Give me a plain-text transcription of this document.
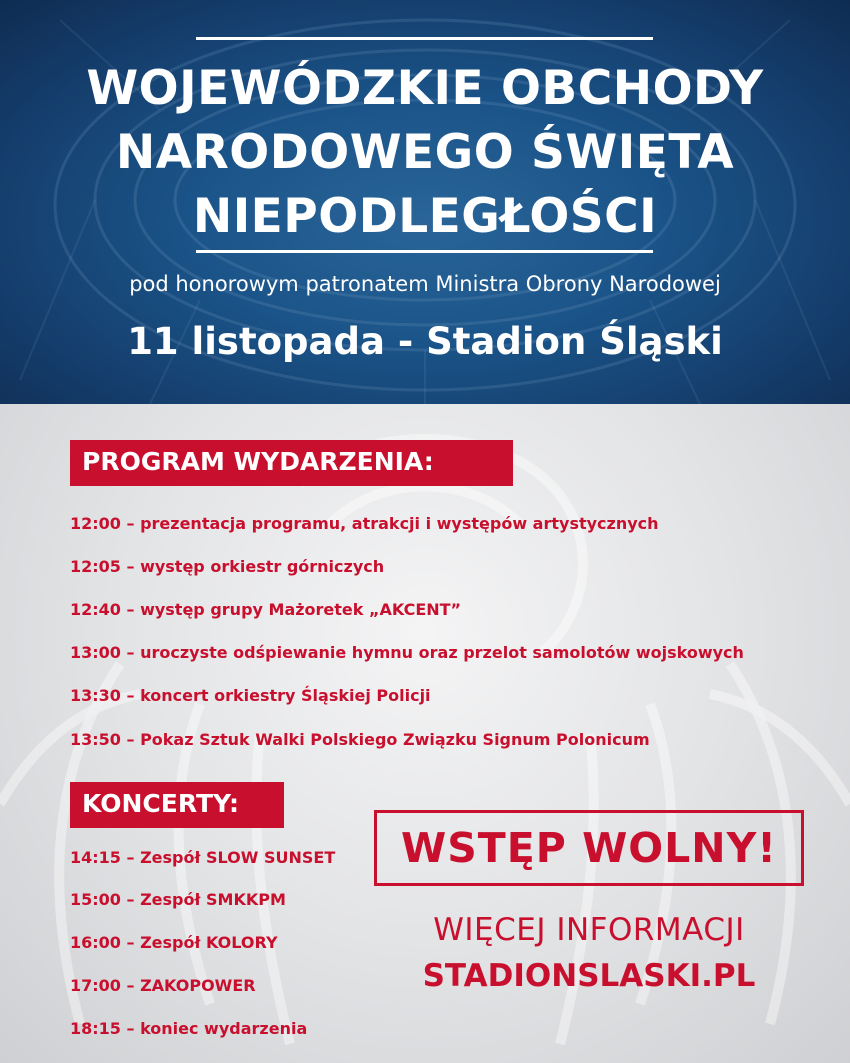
WOJEWÓDZKIE OBCHODY
NARODOWEGO ŚWIĘTA
NIEPODLEGŁOŚCI
pod honorowym patronatem Ministra Obrony Narodowej
11 listopada - Stadion Śląski
PROGRAM WYDARZENIA:
12:00 – prezentacja programu, atrakcji i występów artystycznych
12:05 – występ orkiestr górniczych
12:40 – występ grupy Mażoretek „AKCENT”
13:00 – uroczyste odśpiewanie hymnu oraz przelot samolotów wojskowych
13:30 – koncert orkiestry Śląskiej Policji
13:50 – Pokaz Sztuk Walki Polskiego Związku Signum Polonicum
KONCERTY:
14:15 – Zespół SLOW SUNSET
15:00 – Zespół SMKKPM
16:00 – Zespół KOLORY
17:00 – ZAKOPOWER
18:15 – koniec wydarzenia
WSTĘP WOLNY!
WIĘCEJ INFORMACJI
STADIONSLASKI.PL
